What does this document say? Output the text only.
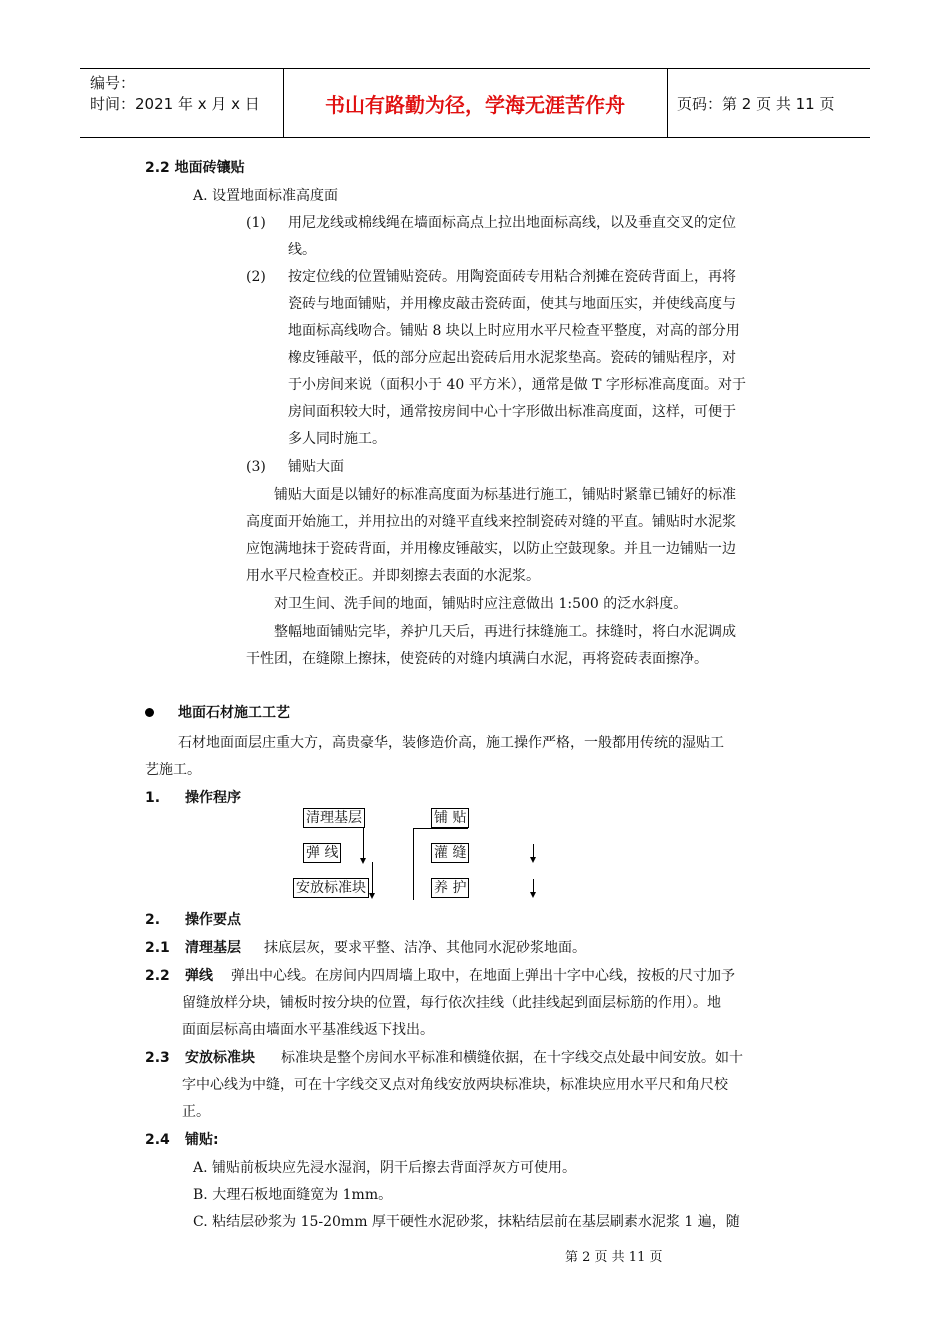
编号：
时间：2021 年 x 月 x 日	书山有路勤为径，学海无涯苦作舟	页码：第 2 页 共 11 页
2.2 地面砖镶贴
A. 设置地面标准高度面
(1) 用尼龙线或棉线绳在墙面标高点上拉出地面标高线，以及垂直交叉的定位
线。
(2) 按定位线的位置铺贴瓷砖。用陶瓷面砖专用粘合剂摊在瓷砖背面上，再将
瓷砖与地面铺贴，并用橡皮敲击瓷砖面，使其与地面压实，并使线高度与
地面标高线吻合。铺贴 8 块以上时应用水平尺检查平整度，对高的部分用
橡皮锤敲平，低的部分应起出瓷砖后用水泥浆垫高。瓷砖的铺贴程序，对
于小房间来说（面积小于 40 平方米），通常是做 T 字形标准高度面。对于
房间面积较大时，通常按房间中心十字形做出标准高度面，这样，可便于
多人同时施工。
(3) 铺贴大面
铺贴大面是以铺好的标准高度面为标基进行施工，铺贴时紧靠已铺好的标准
高度面开始施工，并用拉出的对缝平直线来控制瓷砖对缝的平直。铺贴时水泥浆
应饱满地抹于瓷砖背面，并用橡皮锤敲实，以防止空鼓现象。并且一边铺贴一边
用水平尺检查校正。并即刻擦去表面的水泥浆。
对卫生间、洗手间的地面，铺贴时应注意做出 1:500 的泛水斜度。
整幅地面铺贴完毕，养护几天后，再进行抹缝施工。抹缝时，将白水泥调成
干性团，在缝隙上擦抹，使瓷砖的对缝内填满白水泥，再将瓷砖表面擦净。
地面石材施工工艺
石材地面面层庄重大方，高贵豪华，装修造价高，施工操作严格，一般都用传统的湿贴工
艺施工。
1. 操作程序
清理基层
弹 线
安放标准块
铺 贴
灌 缝
养 护
2. 操作要点
2.1 清理基层 抹底层灰，要求平整、洁净、其他同水泥砂浆地面。
2.2 弹线 弹出中心线。在房间内四周墙上取中，在地面上弹出十字中心线，按板的尺寸加予
留缝放样分块，铺板时按分块的位置，每行依次挂线（此挂线起到面层标筋的作用）。地
面面层标高由墙面水平基准线返下找出。
2.3 安放标准块 标准块是整个房间水平标准和横缝依据，在十字线交点处最中间安放。如十
字中心线为中缝，可在十字线交叉点对角线安放两块标准块，标准块应用水平尺和角尺校
正。
2.4 铺贴:
A. 铺贴前板块应先浸水湿润，阴干后擦去背面浮灰方可使用。
B. 大理石板地面缝宽为 1mm。
C. 粘结层砂浆为 15-20mm 厚干硬性水泥砂浆，抹粘结层前在基层刷素水泥浆 1 遍，随
第 2 页 共 11 页
